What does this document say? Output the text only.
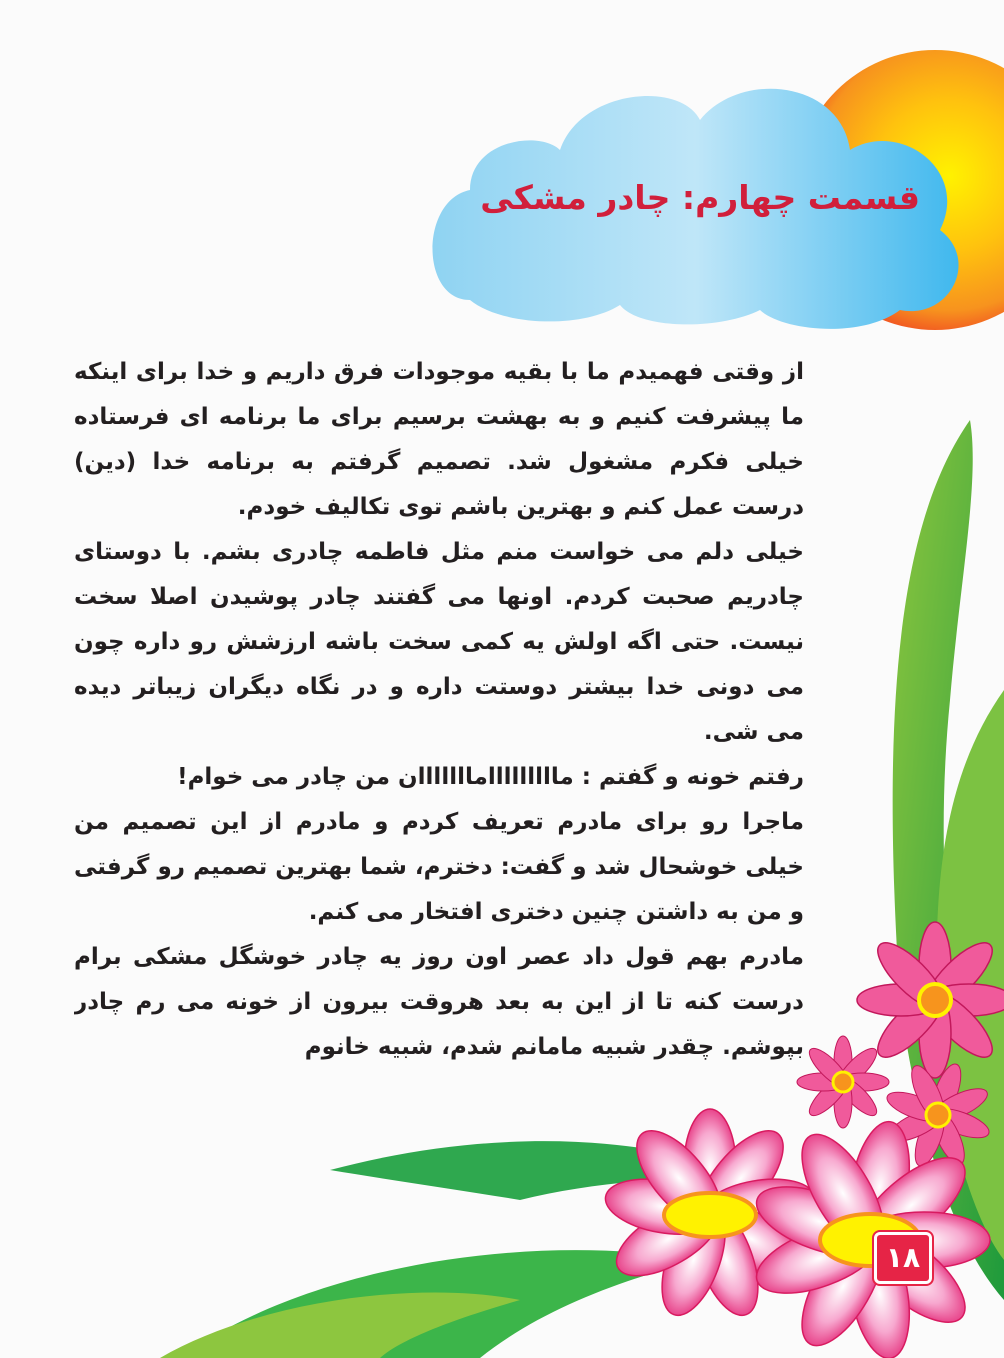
قسمت چهارم: چادر مشکی

از وقتی فهمیدم ما با بقیه موجودات فرق داریم و خدا برای اینکه ما پیشرفت کنیم و به بهشت برسیم برای ما برنامه ای فرستاده خیلی فکرم مشغول شد. تصمیم گرفتم به برنامه خدا (دین) درست عمل کنم و بهترین باشم توی تکالیف خودم.

خیلی دلم می خواست منم مثل فاطمه چادری بشم. با دوستای چادریم صحبت کردم. اونها می گفتند چادر پوشیدن اصلا سخت نیست. حتی اگه اولش یه کمی سخت باشه ارزشش رو داره چون می دونی خدا بیشتر دوستت داره و در نگاه دیگران زیباتر دیده می شی.

رفتم خونه و گفتم : مااااااااامااااااان من چادر می خوام!

ماجرا رو برای مادرم تعریف کردم و مادرم از این تصمیم من خیلی خوشحال شد و گفت: دخترم، شما بهترین تصمیم رو گرفتی و من به داشتن چنین دختری افتخار می کنم.

مادرم بهم قول داد عصر اون روز یه چادر خوشگل مشکی برام درست کنه تا از این به بعد هروقت بیرون از خونه می رم چادر بپوشم. چقدر شبیه مامانم شدم، شبیه خانوم

۱۸
